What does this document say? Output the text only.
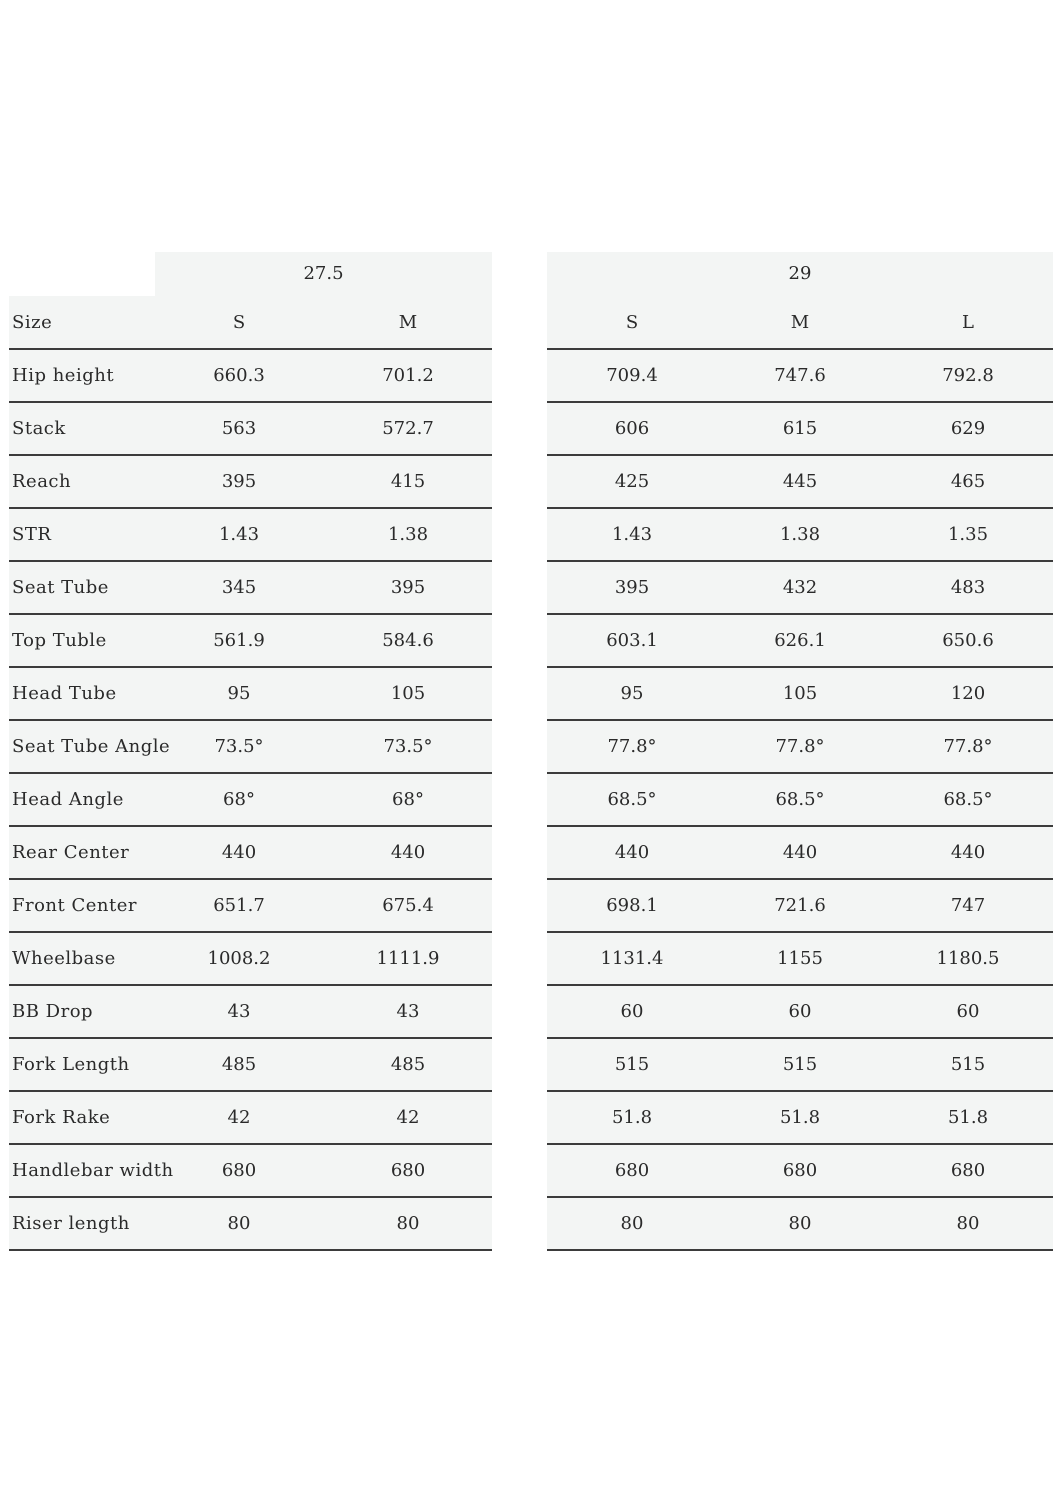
27.5	29
Size	S	M	S	M	L
Hip height	660.3	701.2	709.4	747.6	792.8
Stack	563	572.7	606	615	629
Reach	395	415	425	445	465
STR	1.43	1.38	1.43	1.38	1.35
Seat Tube	345	395	395	432	483
Top Tuble	561.9	584.6	603.1	626.1	650.6
Head Tube	95	105	95	105	120
Seat Tube Angle	73.5°	73.5°	77.8°	77.8°	77.8°
Head Angle	68°	68°	68.5°	68.5°	68.5°
Rear Center	440	440	440	440	440
Front Center	651.7	675.4	698.1	721.6	747
Wheelbase	1008.2	1111.9	1131.4	1155	1180.5
BB Drop	43	43	60	60	60
Fork Length	485	485	515	515	515
Fork Rake	42	42	51.8	51.8	51.8
Handlebar width	680	680	680	680	680
Riser length	80	80	80	80	80
